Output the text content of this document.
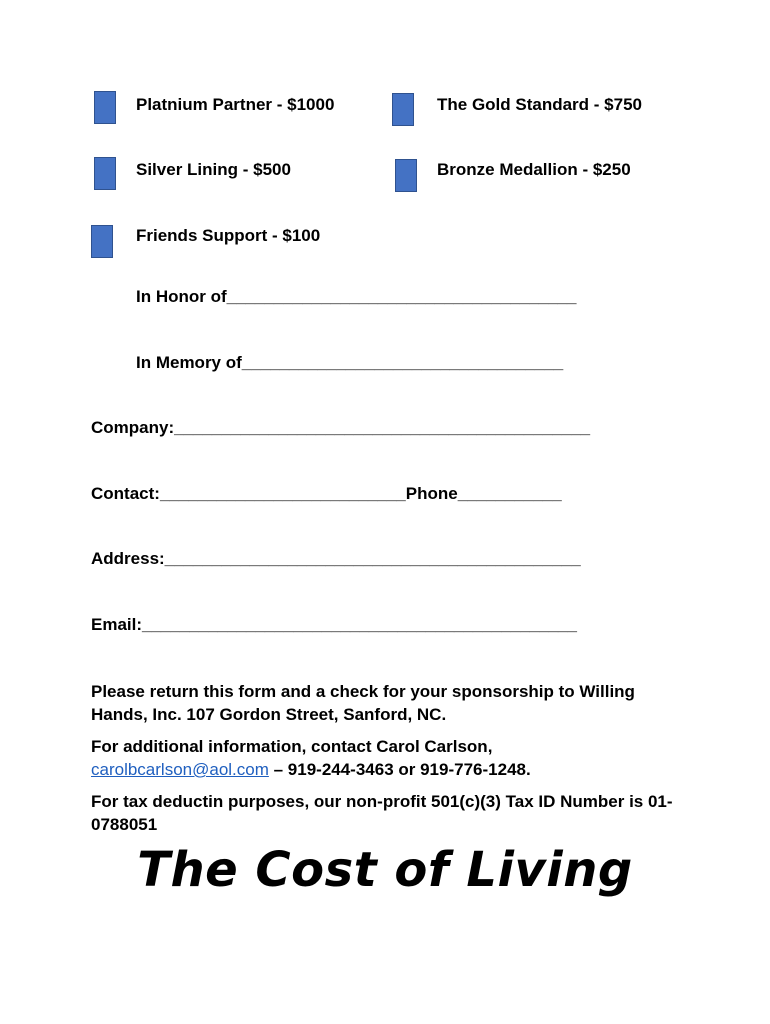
Platnium Partner - $1000	The Gold Standard - $750
Silver Lining - $500	Bronze Medallion - $250
Friends Support - $100
In Honor of_____________________________________
In Memory of__________________________________
Company:____________________________________________
Contact:__________________________Phone___________
Address:____________________________________________
Email:______________________________________________

Please return this form and a check for your sponsorship to Willing Hands, Inc. 107 Gordon Street, Sanford, NC.

For additional information, contact Carol Carlson,

carolbcarlson@aol.com – 919-244-3463 or 919-776-1248.

For tax deductin purposes, our non-profit 501(c)(3) Tax ID Number is 01-0788051

The Cost of Living
